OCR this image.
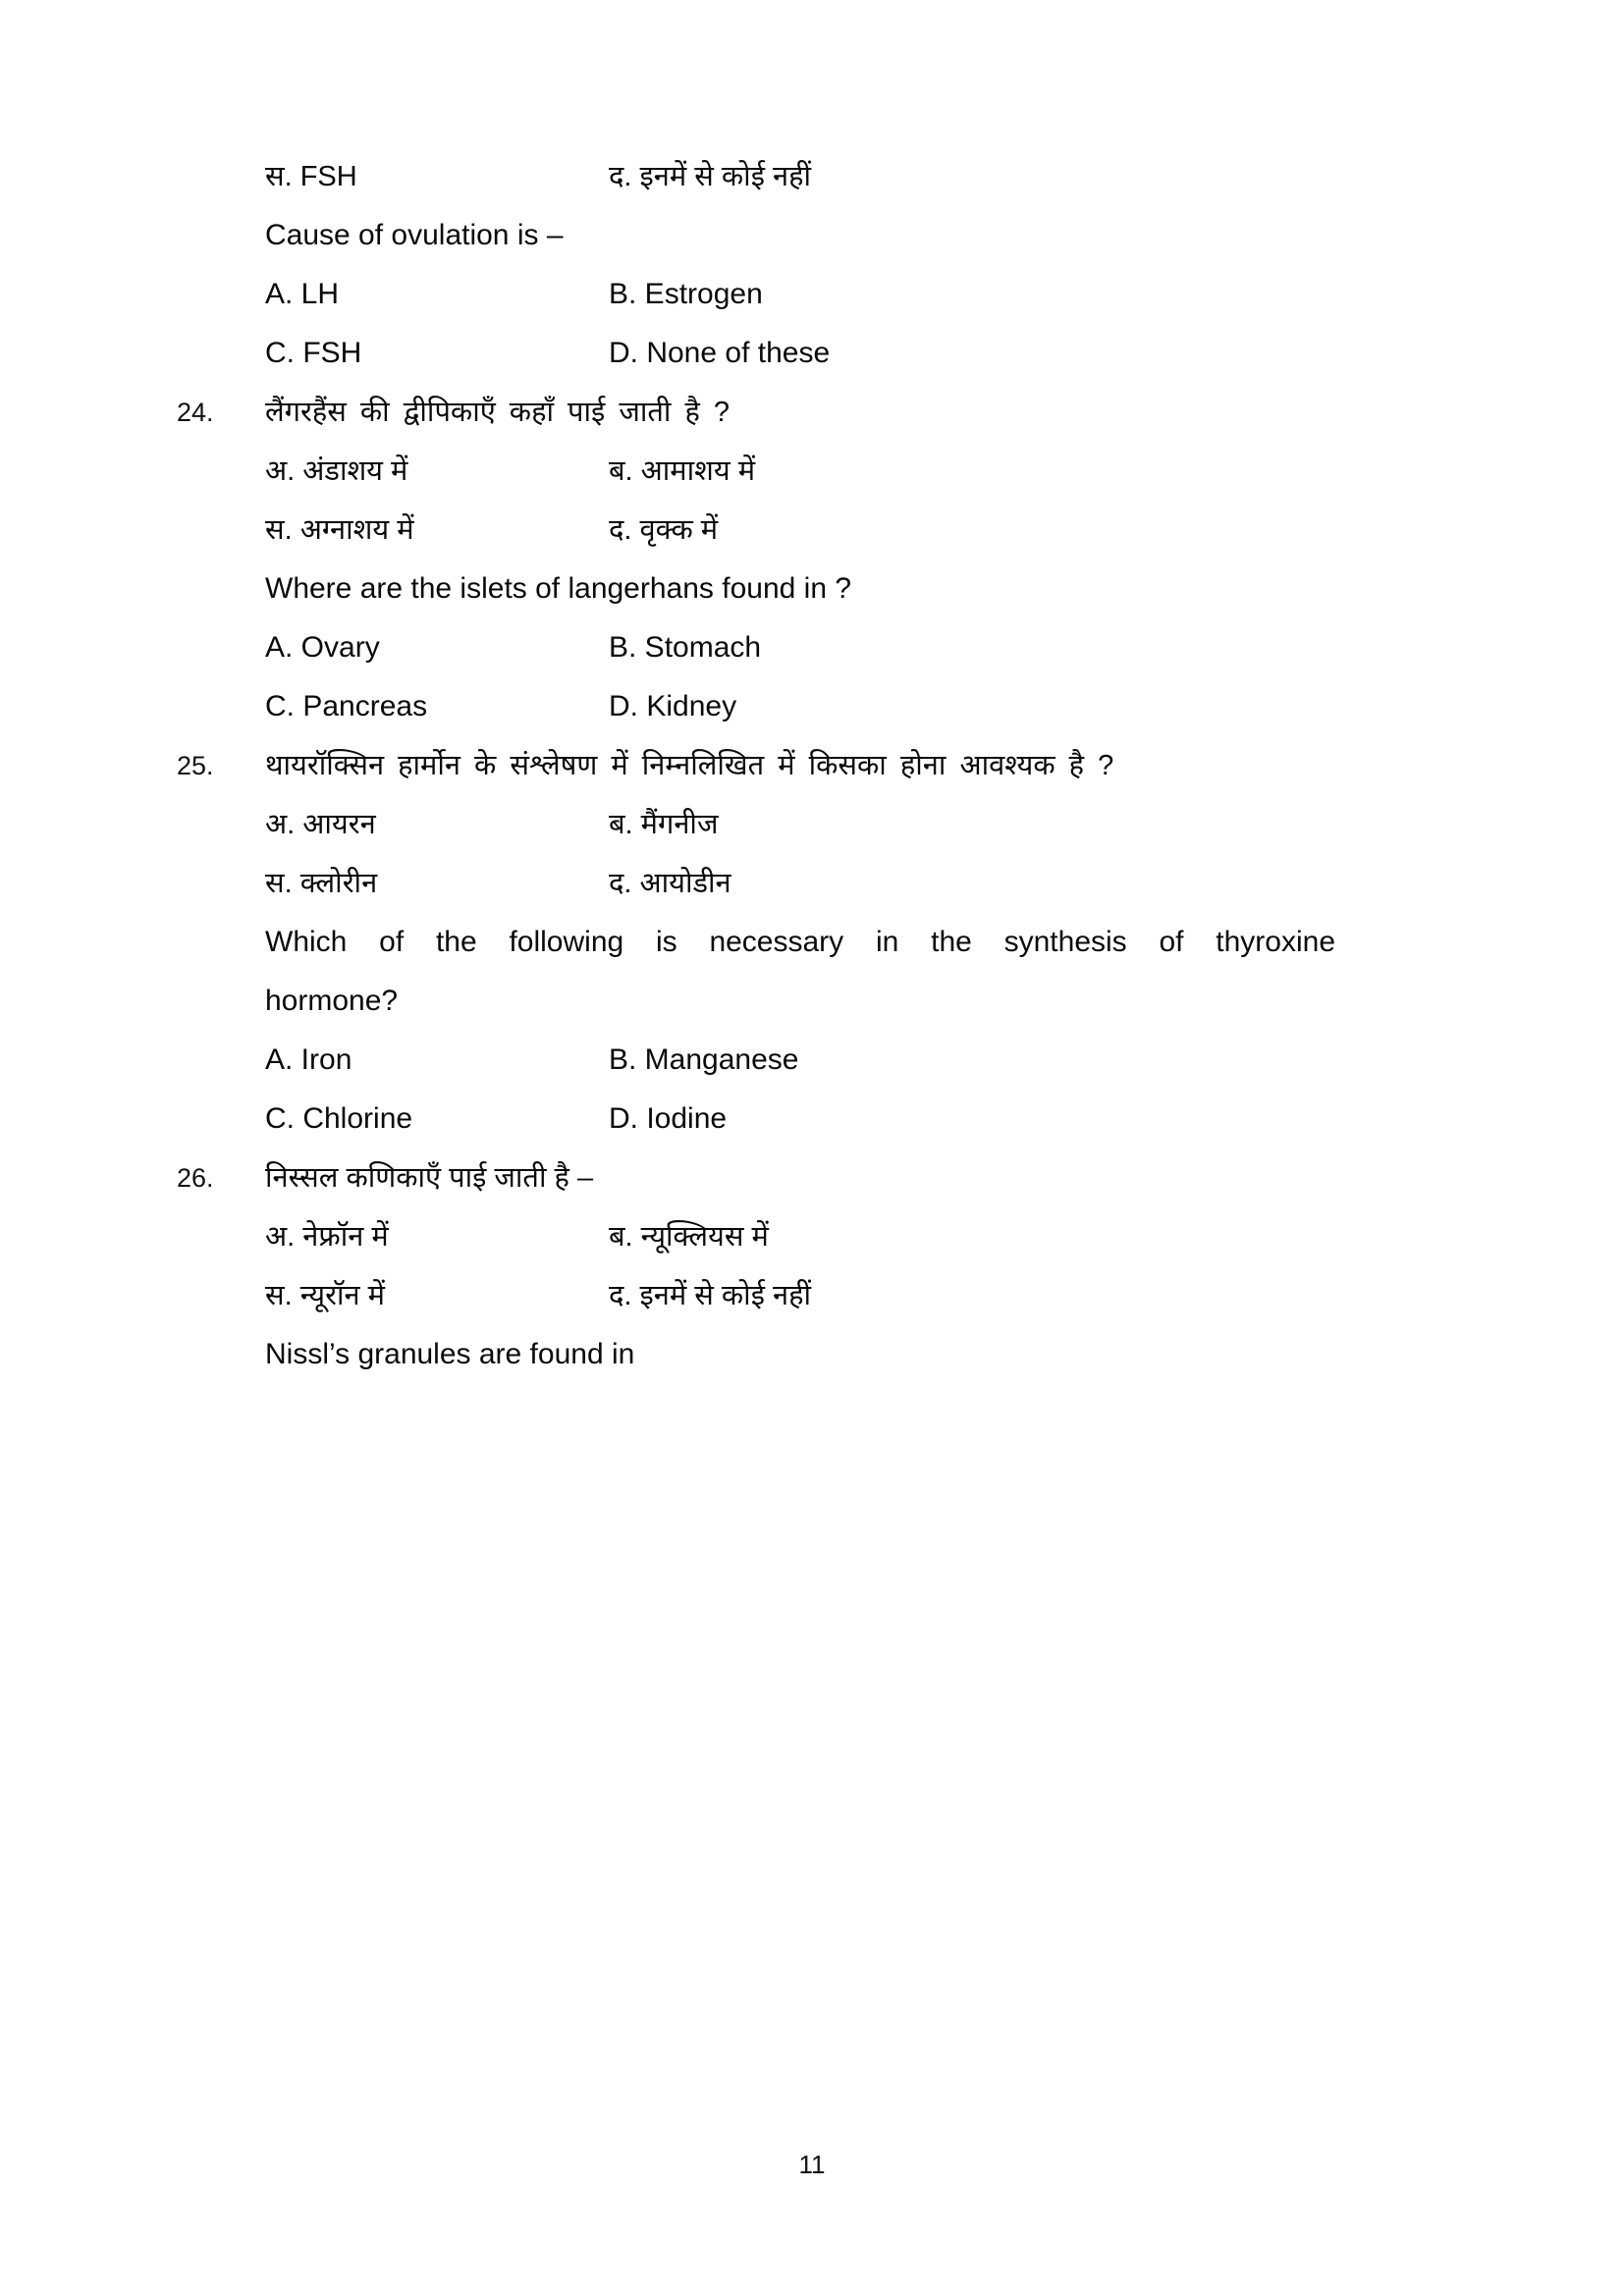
स. FSH	द. इनमें से कोई नहीं
Cause of ovulation is –
A. LH	B. Estrogen
C. FSH	D. None of these
24.	लैंगरहैंस की द्वीपिकाएँ कहाँ पाई जाती है ?
अ. अंडाशय में	ब. आमाशय में
स. अग्नाशय में	द. वृक्क में
Where are the islets of langerhans found in ?
A. Ovary	B. Stomach
C. Pancreas	D. Kidney
25.	थायरॉक्सिन हार्मोन के संश्लेषण में निम्नलिखित में किसका होना आवश्यक है ?
अ. आयरन	ब. मैंगनीज
स. क्लोरीन	द. आयोडीन
Which of the following is necessary in the synthesis of thyroxine
hormone?
A. Iron	B. Manganese
C. Chlorine	D. Iodine
26.	निस्सल कणिकाएँ पाई जाती है –
अ. नेफ्रॉन में	ब. न्यूक्लियस में
स. न्यूरॉन में	द. इनमें से कोई नहीं
Nissl’s granules are found in
11
